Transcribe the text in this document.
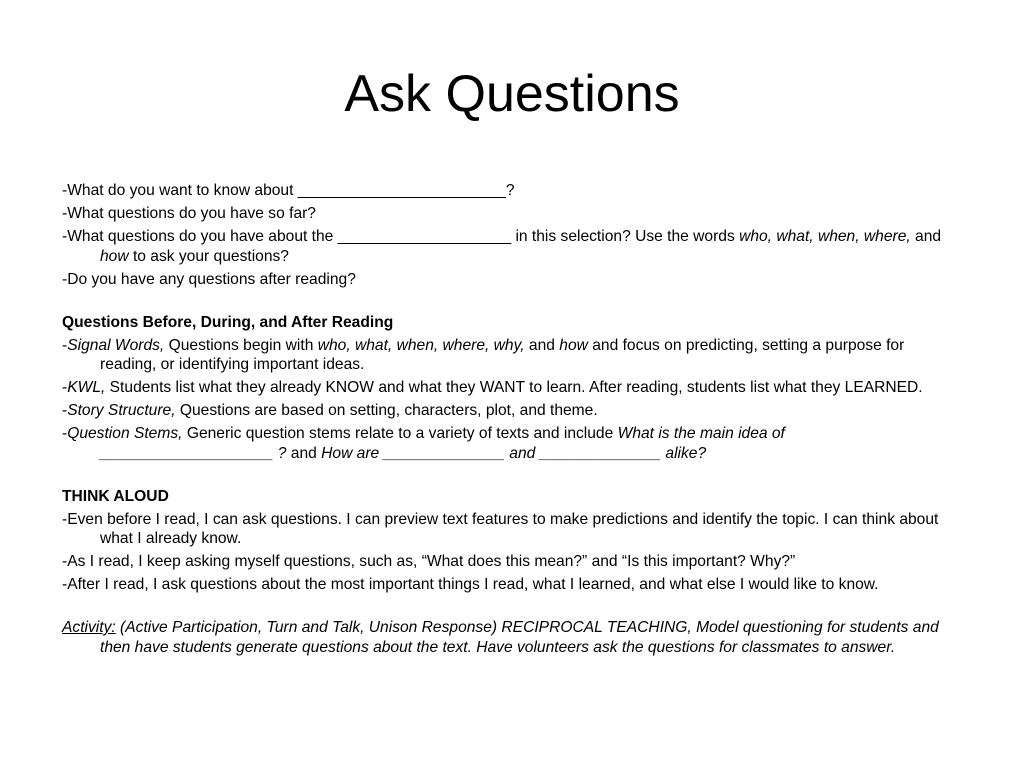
Ask Questions

-What do you want to know about ________________________?

-What questions do you have so far?

-What questions do you have about the ____________________ in this selection? Use the words who, what, when, where, and how to ask your questions?

-Do you have any questions after reading?

Questions Before, During, and After Reading

-Signal Words, Questions begin with who, what, when, where, why, and how and focus on predicting, setting a purpose for reading, or identifying important ideas.

-KWL, Students list what they already KNOW and what they WANT to learn. After reading, students list what they LEARNED.

-Story Structure, Questions are based on setting, characters, plot, and theme.

-Question Stems, Generic question stems relate to a variety of texts and include What is the main idea of ____________________ ? and How are ______________ and ______________ alike?

THINK ALOUD

-Even before I read, I can ask questions. I can preview text features to make predictions and identify the topic. I can think about what I already know.

-As I read, I keep asking myself questions, such as, “What does this mean?” and “Is this important? Why?”

-After I read, I ask questions about the most important things I read, what I learned, and what else I would like to know.

Activity: (Active Participation, Turn and Talk, Unison Response) RECIPROCAL TEACHING, Model questioning for students and then have students generate questions about the text. Have volunteers ask the questions for classmates to answer.
